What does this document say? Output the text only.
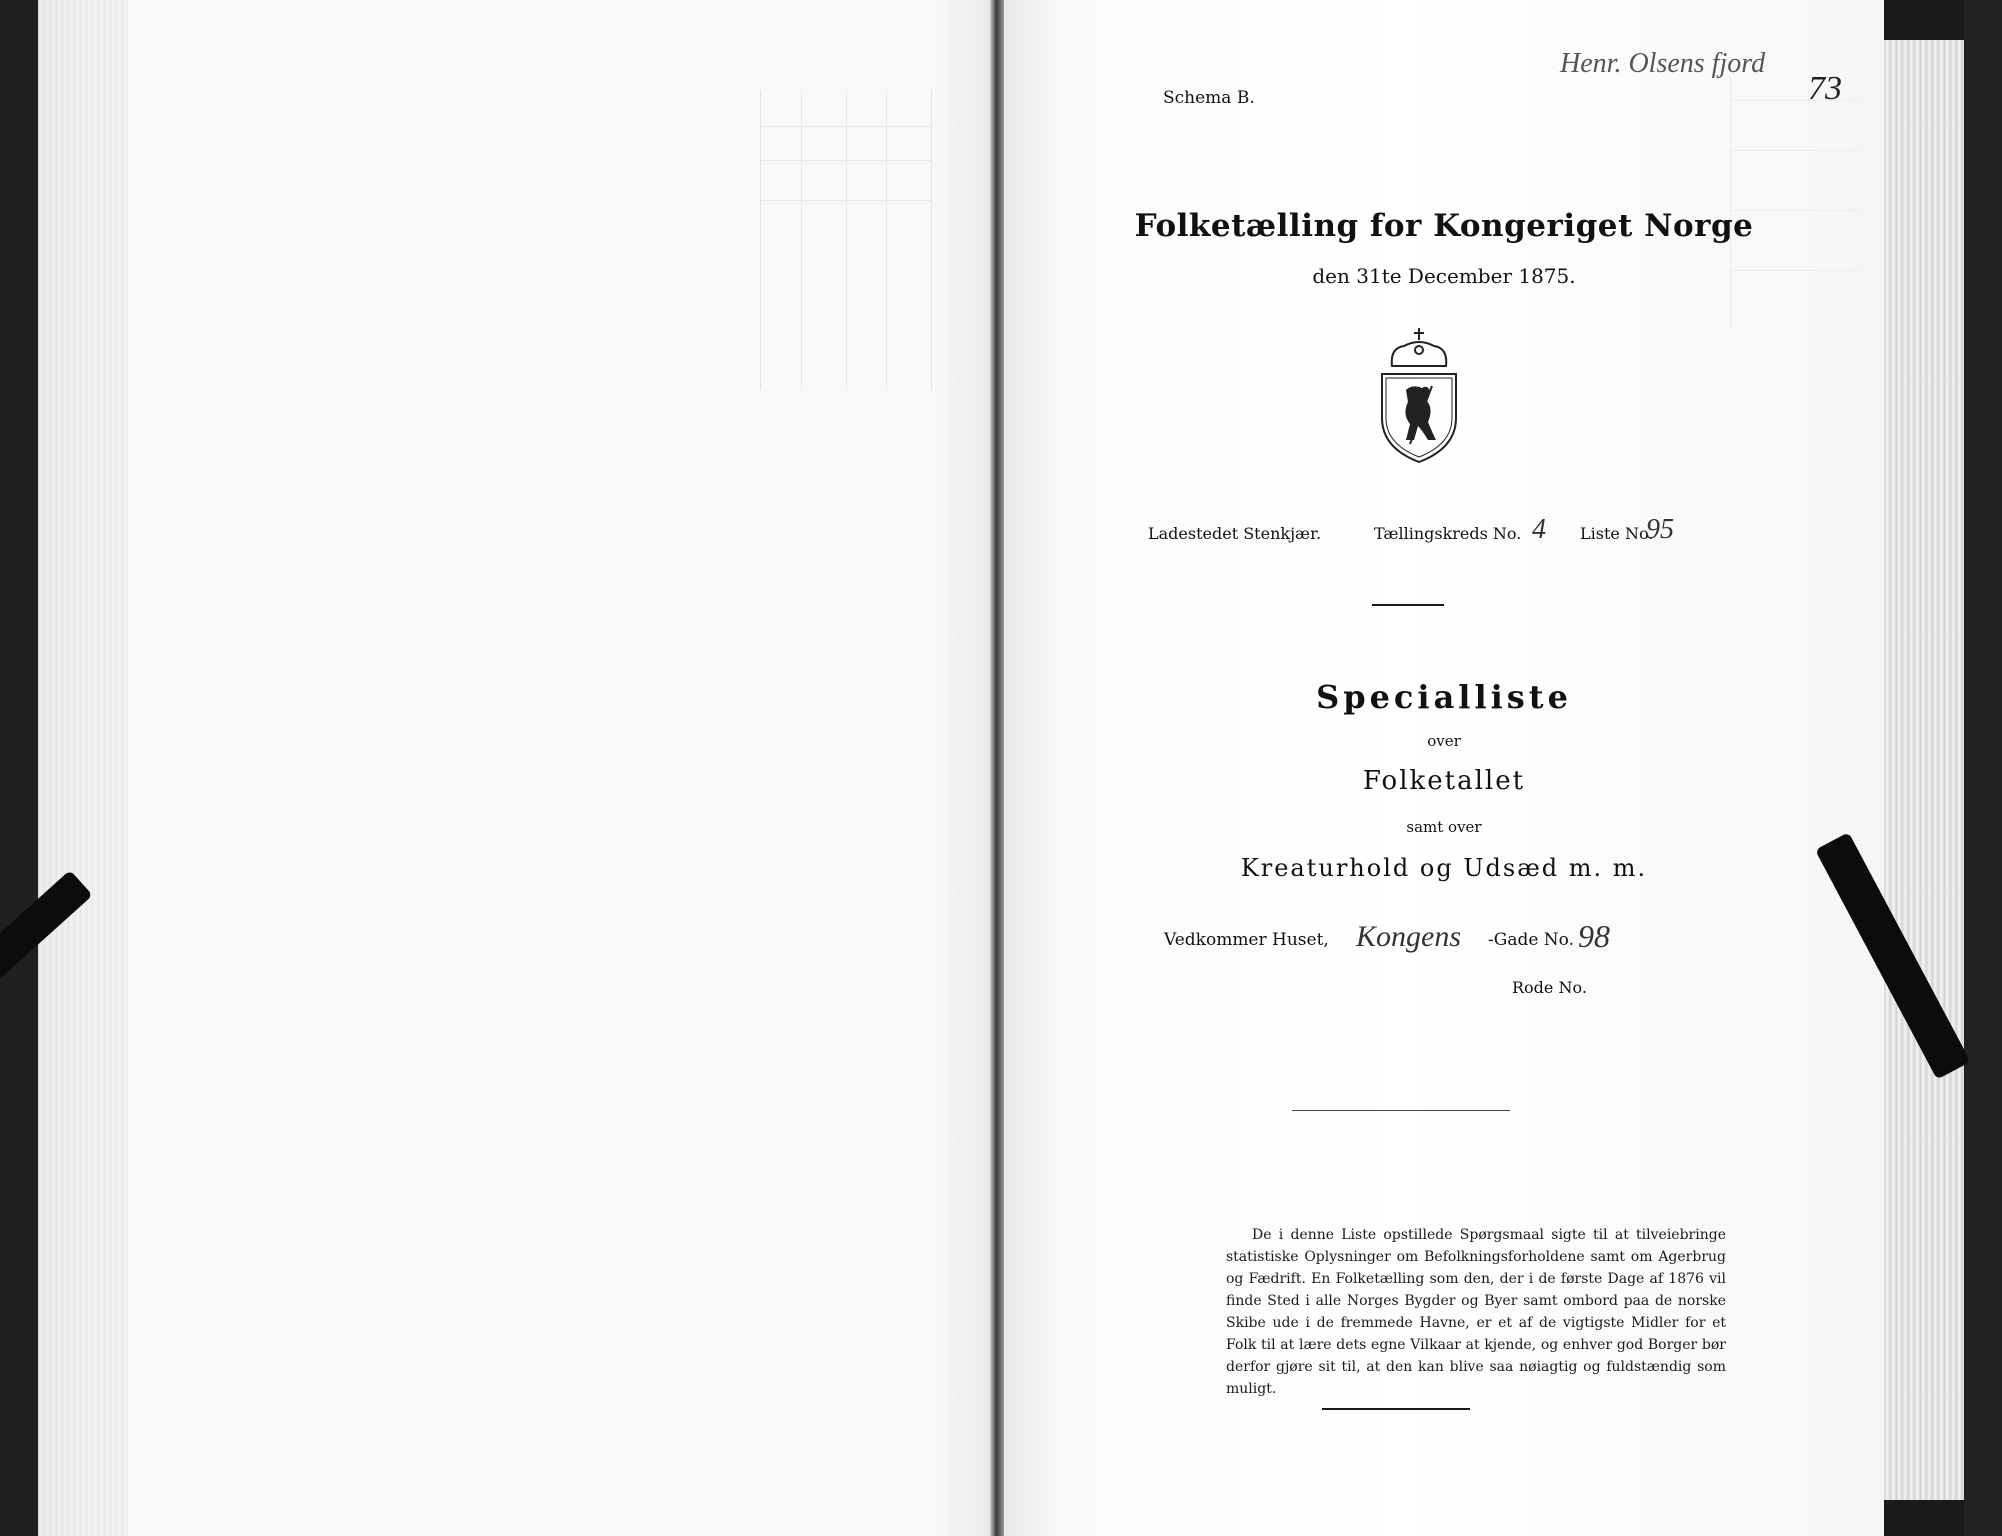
Schema B.
Henr. Olsens fjord
73
Folketælling for Kongeriget Norge
den 31te December 1875.
Ladestedet Stenkjær.	Tællingskreds No. 4 Liste No.
95
Specialliste
over
Folketallet
samt over
Kreaturhold og Udsæd m. m.
Vedkommer Huset, Kongens -Gade No. 98
Rode No.
De i denne Liste opstillede Spørgsmaal sigte til at tilveiebringe statistiske Oplysninger om Befolkningsforholdene samt om Agerbrug og Fædrift. En Folketælling som den, der i de første Dage af 1876 vil finde Sted i alle Norges Bygder og Byer samt ombord paa de norske Skibe ude i de fremmede Havne, er et af de vigtigste Midler for et Folk til at lære dets egne Vilkaar at kjende, og enhver god Borger bør derfor gjøre sit til, at den kan blive saa nøiagtig og fuldstændig som muligt.
